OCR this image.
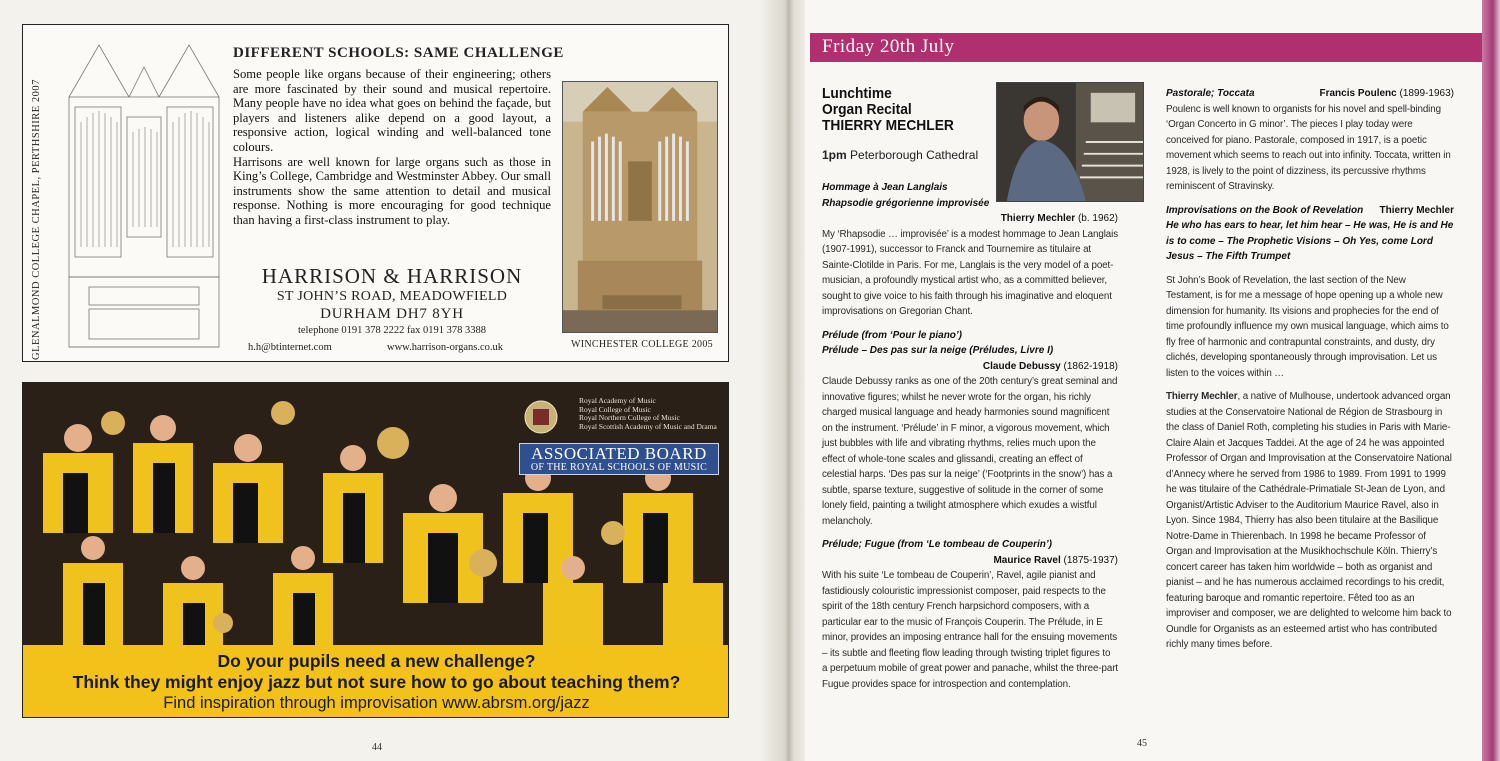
GLENALMOND COLLEGE CHAPEL, PERTHSHIRE 2007
DIFFERENT SCHOOLS: SAME CHALLENGE

Some people like organs because of their engineering; others are more fascinated by their sound and musical repertoire. Many people have no idea what goes on behind the façade, but players and listeners alike depend on a good layout, a responsive action, logical winding and well-balanced tone colours.

Harrisons are well known for large organs such as those in King’s College, Cambridge and Westminster Abbey. Our small instruments show the same attention to detail and musical response. Nothing is more encouraging for good technique than having a first-class instrument to play.

HARRISON & HARRISON
ST JOHN’S ROAD, MEADOWFIELD
DURHAM DH7 8YH
telephone 0191 378 2222 fax 0191 378 3388
h.h@btinternet.com	www.harrison-organs.co.uk	WINCHESTER COLLEGE 2005
Royal Academy of Music
Royal College of Music
Royal Northern College of Music
Royal Scottish Academy of Music and Drama
ASSOCIATED BOARD
OF THE ROYAL SCHOOLS OF MUSIC
Do your pupils need a new challenge?
Think they might enjoy jazz but not sure how to go about teaching them?
Find inspiration through improvisation www.abrsm.org/jazz
44
Friday 20th July
Lunchtime
Organ Recital
THIERRY MECHLER
1pm Peterborough Cathedral
Hommage à Jean Langlais
Rhapsodie grégorienne improvisée
Thierry Mechler (b. 1962)
My ‘Rhapsodie … improvisée’ is a modest hommage to Jean Langlais (1907-1991), successor to Franck and Tournemire as titulaire at Sainte-Clotilde in Paris. For me, Langlais is the very model of a poet-musician, a profoundly mystical artist who, as a committed believer, sought to give voice to his faith through his imaginative and eloquent improvisations on Gregorian Chant.
Prélude (from ‘Pour le piano’)
Prélude – Des pas sur la neige (Préludes, Livre I)
Claude Debussy (1862-1918)
Claude Debussy ranks as one of the 20th century’s great seminal and innovative figures; whilst he never wrote for the organ, his richly charged musical language and heady harmonies sound magnificent on the instrument. ‘Prélude’ in F minor, a vigorous movement, which just bubbles with life and vibrating rhythms, relies much upon the effect of whole-tone scales and glissandi, creating an effect of celestial harps. ‘Des pas sur la neige’ (‘Footprints in the snow’) has a subtle, sparse texture, suggestive of solitude in the corner of some lonely field, painting a twilight atmosphere which exudes a wistful melancholy.
Prélude; Fugue (from ‘Le tombeau de Couperin’)
Maurice Ravel (1875-1937)
With his suite ‘Le tombeau de Couperin’, Ravel, agile pianist and fastidiously colouristic impressionist composer, paid respects to the spirit of the 18th century French harpsichord composers, with a particular ear to the music of François Couperin. The Prélude, in E minor, provides an imposing entrance hall for the ensuing movements – its subtle and fleeting flow leading through twisting triplet figures to a perpetuum mobile of great power and panache, whilst the three-part Fugue provides space for introspection and contemplation.
Pastorale; Toccata	Francis Poulenc (1899-1963)
Poulenc is well known to organists for his novel and spell-binding ‘Organ Concerto in G minor’. The pieces I play today were conceived for piano. Pastorale, composed in 1917, is a poetic movement which seems to reach out into infinity. Toccata, written in 1928, is lively to the point of dizziness, its percussive rhythms reminiscent of Stravinsky.
Improvisations on the Book of Revelation Thierry Mechler
He who has ears to hear, let him hear – He was, He is and He is to come – The Prophetic Visions – Oh Yes, come Lord Jesus – The Fifth Trumpet
St John’s Book of Revelation, the last section of the New Testament, is for me a message of hope opening up a whole new dimension for humanity. Its visions and prophecies for the end of time profoundly influence my own musical language, which aims to fly free of harmonic and contrapuntal constraints, and dusty, dry clichés, developing spontaneously through improvisation. Let us listen to the voices within …
Thierry Mechler, a native of Mulhouse, undertook advanced organ studies at the Conservatoire National de Région de Strasbourg in the class of Daniel Roth, completing his studies in Paris with Marie-Claire Alain et Jacques Taddei. At the age of 24 he was appointed Professor of Organ and Improvisation at the Conservatoire National d’Annecy where he served from 1986 to 1989. From 1991 to 1999 he was titulaire of the Cathédrale-Primatiale St-Jean de Lyon, and Organist/Artistic Adviser to the Auditorium Maurice Ravel, also in Lyon. Since 1984, Thierry has also been titulaire at the Basilique Notre-Dame in Thierenbach. In 1998 he became Professor of Organ and Improvisation at the Musikhochschule Köln. Thierry’s concert career has taken him worldwide – both as organist and pianist – and he has numerous acclaimed recordings to his credit, featuring baroque and romantic repertoire. Fêted too as an improviser and composer, we are delighted to welcome him back to Oundle for Organists as an esteemed artist who has contributed richly many times before.
45
